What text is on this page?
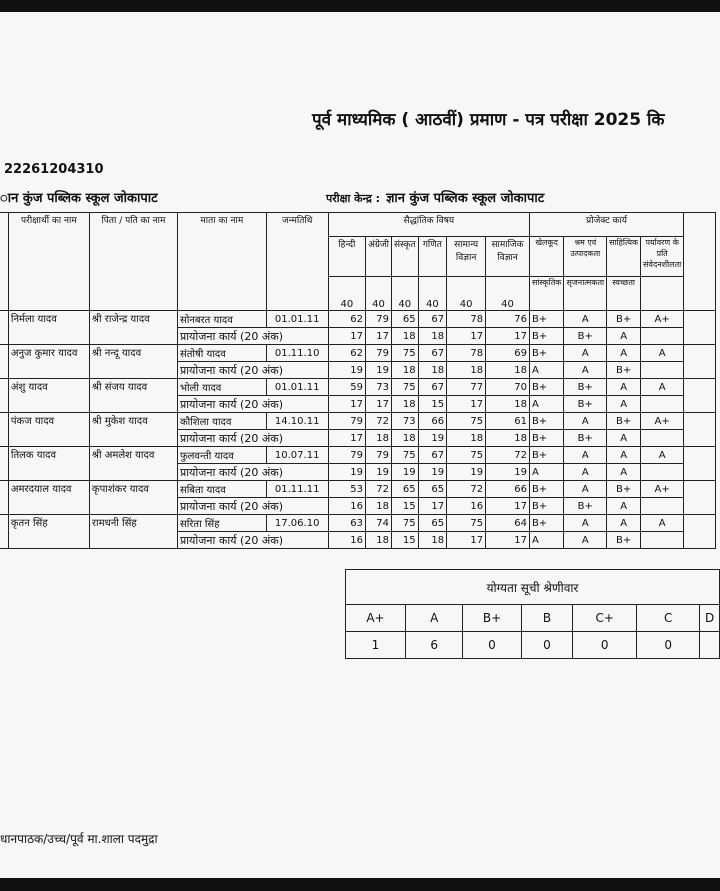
पूर्व माध्यमिक ( आठवीं) प्रमाण - पत्र परीक्षा 2025 कि
22261204310
ान कुंज पब्लिक स्कूल जोकापाट	परीक्षा केन्द्र : ज्ञान कुंज पब्लिक स्कूल जोकापाट
	परीक्षार्थी का नाम	पिता / पति का नाम	माता का नाम	जन्मतिथि	सैद्धांतिक विषय						प्रोजेक्ट कार्य				
					हिन्दी	अंग्रेजी	संस्कृत	गणित	सामान्य विज्ञान	सामाजिक विज्ञान	खेलकूद	श्रम एवं उत्पादकता	साहित्यिक	पर्यावरण के प्रति संवेदनशीलता	
					40	40	40	40	40	40	सांस्कृतिक	सृजनात्मकता	स्वच्छता		
	निर्मला यादव	श्री राजेन्द्र यादव	सोनबरत यादव	01.01.11	62	79	65	67	78	76	B+	A	B+	A+	
			प्रायोजना कार्य (20 अंक)		17	17	18	18	17	17	B+	B+	A		
	अनुज कुमार यादव	श्री नन्दू यादव	संतोषी यादव	01.11.10	62	79	75	67	78	69	B+	A	A	A	
			प्रायोजना कार्य (20 अंक)		19	19	18	18	18	18	A	A	B+		
	अंशु यादव	श्री संजय यादव	भोली यादव	01.01.11	59	73	75	67	77	70	B+	B+	A	A	
			प्रायोजना कार्य (20 अंक)		17	17	18	15	17	18	A	B+	A		
	पंकज यादव	श्री मुकेश यादव	कौशिला यादव	14.10.11	79	72	73	66	75	61	B+	A	B+	A+	
			प्रायोजना कार्य (20 अंक)		17	18	18	19	18	18	B+	B+	A		
	तिलक यादव	श्री अमलेश यादव	फुलवन्ती यादव	10.07.11	79	79	75	67	75	72	B+	A	A	A	
			प्रायोजना कार्य (20 अंक)		19	19	19	19	19	19	A	A	A		
	अमरदयाल यादव	कृपाशंकर यादव	सबिता यादव	01.11.11	53	72	65	65	72	66	B+	A	B+	A+	
			प्रायोजना कार्य (20 अंक)		16	18	15	17	16	17	B+	B+	A		
	कृतन सिंह	रामधनी सिंह	सरिता सिंह	17.06.10	63	74	75	65	75	64	B+	A	A	A	
			प्रायोजना कार्य (20 अंक)		16	18	15	18	17	17	A	A	B+		
योग्यता सूची श्रेणीवार						
A+	A	B+	B	C+	C	D
1	6	0	0	0	0	
धानपाठक/उच्च/पूर्व मा.शाला पदमुद्रा
